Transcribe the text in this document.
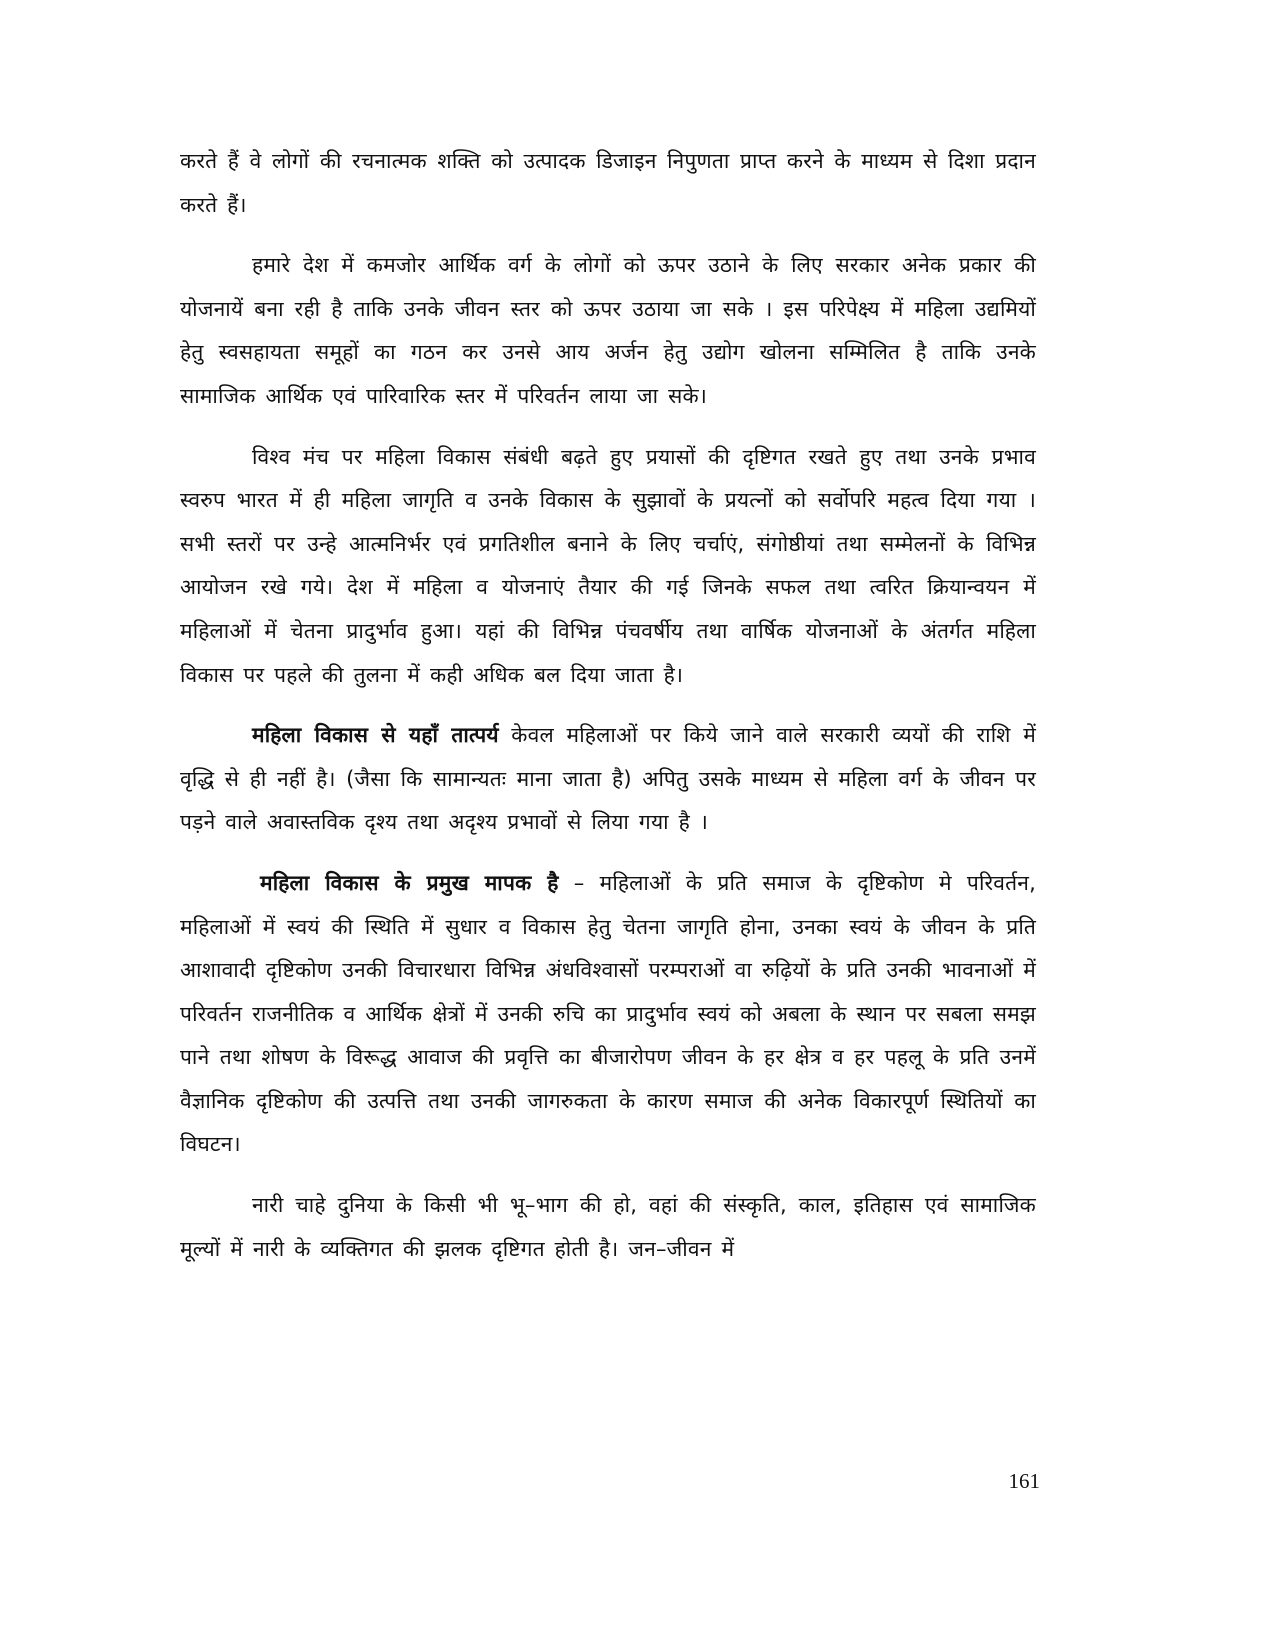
करते हैं वे लोगों की रचनात्मक शक्ति को उत्पादक डिजाइन निपुणता प्राप्त करने के माध्यम से दिशा प्रदान करते हैं।

हमारे देश में कमजोर आर्थिक वर्ग के लोगों को ऊपर उठाने के लिए सरकार अनेक प्रकार की योजनायें बना रही है ताकि उनके जीवन स्तर को ऊपर उठाया जा सके । इस परिपेक्ष्य में महिला उद्यमियों हेतु स्वसहायता समूहों का गठन कर उनसे आय अर्जन हेतु उद्योग खोलना सम्मिलित है ताकि उनके सामाजिक आर्थिक एवं पारिवारिक स्तर में परिवर्तन लाया जा सके।

विश्व मंच पर महिला विकास संबंधी बढ़ते हुए प्रयासों की दृष्टिगत रखते हुए तथा उनके प्रभाव स्वरुप भारत में ही महिला जागृति व उनके विकास के सुझावों के प्रयत्नों को सर्वोपरि महत्व दिया गया । सभी स्तरों पर उन्हे आत्मनिर्भर एवं प्रगतिशील बनाने के लिए चर्चाएं, संगोष्ठीयां तथा सम्मेलनों के विभिन्न आयोजन रखे गये। देश में महिला व योजनाएं तैयार की गई जिनके सफल तथा त्वरित क्रियान्वयन में महिलाओं में चेतना प्रादुर्भाव हुआ। यहां की विभिन्न पंचवर्षीय तथा वार्षिक योजनाओं के अंतर्गत महिला विकास पर पहले की तुलना में कही अधिक बल दिया जाता है।

महिला विकास से यहाँ तात्पर्य केवल महिलाओं पर किये जाने वाले सरकारी व्ययों की राशि में वृद्धि से ही नहीं है। (जैसा कि सामान्यतः माना जाता है) अपितु उसके माध्यम से महिला वर्ग के जीवन पर पड़ने वाले अवास्तविक दृश्य तथा अदृश्य प्रभावों से लिया गया है ।

महिला विकास के प्रमुख मापक है – महिलाओं के प्रति समाज के दृष्टिकोण मे परिवर्तन, महिलाओं में स्वयं की स्थिति में सुधार व विकास हेतु चेतना जागृति होना, उनका स्वयं के जीवन के प्रति आशावादी दृष्टिकोण उनकी विचारधारा विभिन्न अंधविश्वासों परम्पराओं वा रुढ़ियों के प्रति उनकी भावनाओं में परिवर्तन राजनीतिक व आर्थिक क्षेत्रों में उनकी रुचि का प्रादुर्भाव स्वयं को अबला के स्थान पर सबला समझ पाने तथा शोषण के विरूद्ध आवाज की प्रवृत्ति का बीजारोपण जीवन के हर क्षेत्र व हर पहलू के प्रति उनमें वैज्ञानिक दृष्टिकोण की उत्पत्ति तथा उनकी जागरुकता के कारण समाज की अनेक विकारपूर्ण स्थितियों का विघटन।

नारी चाहे दुनिया के किसी भी भू–भाग की हो, वहां की संस्कृति, काल, इतिहास एवं सामाजिक मूल्यों में नारी के व्यक्तिगत की झलक दृष्टिगत होती है। जन–जीवन में

161
